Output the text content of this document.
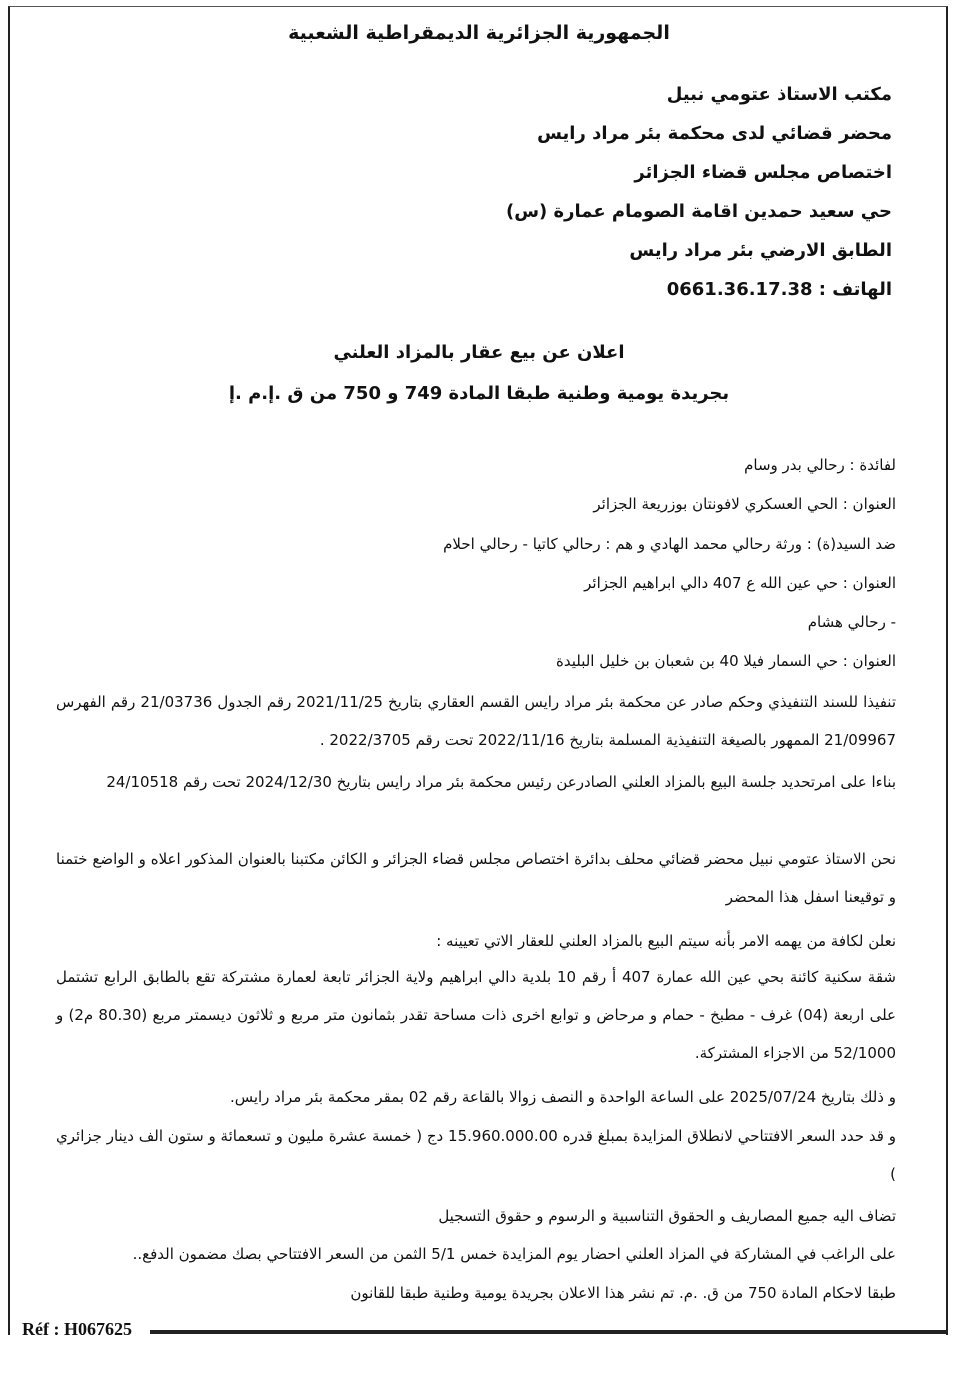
الجمهورية الجزائرية الديمقراطية الشعبية
مكتب الاستاذ عتومي نبيل
محضر قضائي لدى محكمة بئر مراد رايس
اختصاص مجلس قضاء الجزائر
حي سعيد حمدين اقامة الصومام عمارة (س)
الطابق الارضي بئر مراد رايس
الهاتف : 0661.36.17.38
اعلان عن بيع عقار بالمزاد العلني
بجريدة يومية وطنية طبقا المادة 749 و 750 من ق .إ.م .إ
لفائدة : رحالي بدر وسام
العنوان : الحي العسكري لافونتان بوزريعة الجزائر
ضد السيد(ة) : ورثة رحالي محمد الهادي و هم : رحالي كاتيا - رحالي احلام
العنوان : حي عين الله ع 407 دالي ابراهيم الجزائر
- رحالي هشام
العنوان : حي السمار فيلا 40 بن شعبان بن خليل البليدة
تنفيذا للسند التنفيذي وحكم صادر عن محكمة بئر مراد رايس القسم العقاري بتاريخ 2021/11/25 رقم الجدول 21/03736 رقم الفهرس 21/09967 الممهور بالصيغة التنفيذية المسلمة بتاريخ 2022/11/16 تحت رقم 2022/3705 .
بناءا على امرتحديد جلسة البيع بالمزاد العلني الصادرعن رئيس محكمة بئر مراد رايس بتاريخ 2024/12/30 تحت رقم 24/10518
نحن الاستاذ عتومي نبيل محضر قضائي محلف بدائرة اختصاص مجلس قضاء الجزائر و الكائن مكتبنا بالعنوان المذكور اعلاه و الواضع ختمنا و توقيعنا اسفل هذا المحضر
نعلن لكافة من يهمه الامر بأنه سيتم البيع بالمزاد العلني للعقار الاتي تعيينه :
شقة سكنية كائنة بحي عين الله عمارة 407 أ رقم 10 بلدية دالي ابراهيم ولاية الجزائر تابعة لعمارة مشتركة تقع بالطابق الرابع تشتمل على اربعة (04) غرف - مطبخ - حمام و مرحاض و توابع اخرى ذات مساحة تقدر بثمانون متر مربع و ثلاثون ديسمتر مربع (80.30 م2) و 52/1000 من الاجزاء المشتركة.
و ذلك بتاريخ 2025/07/24 على الساعة الواحدة و النصف زوالا بالقاعة رقم 02 بمقر محكمة بئر مراد رايس.
و قد حدد السعر الافتتاحي لانطلاق المزايدة بمبلغ قدره 15.960.000.00 دج ( خمسة عشرة مليون و تسعمائة و ستون الف دينار جزائري )
تضاف اليه جميع المصاريف و الحقوق التناسبية و الرسوم و حقوق التسجيل
على الراغب في المشاركة في المزاد العلني احضار يوم المزايدة خمس 5/1 الثمن من السعر الافتتاحي بصك مضمون الدفع..
طبقا لاحكام المادة 750 من ق. .م. تم نشر هذا الاعلان بجريدة يومية وطنية طبقا للقانون
Réf : H067625
